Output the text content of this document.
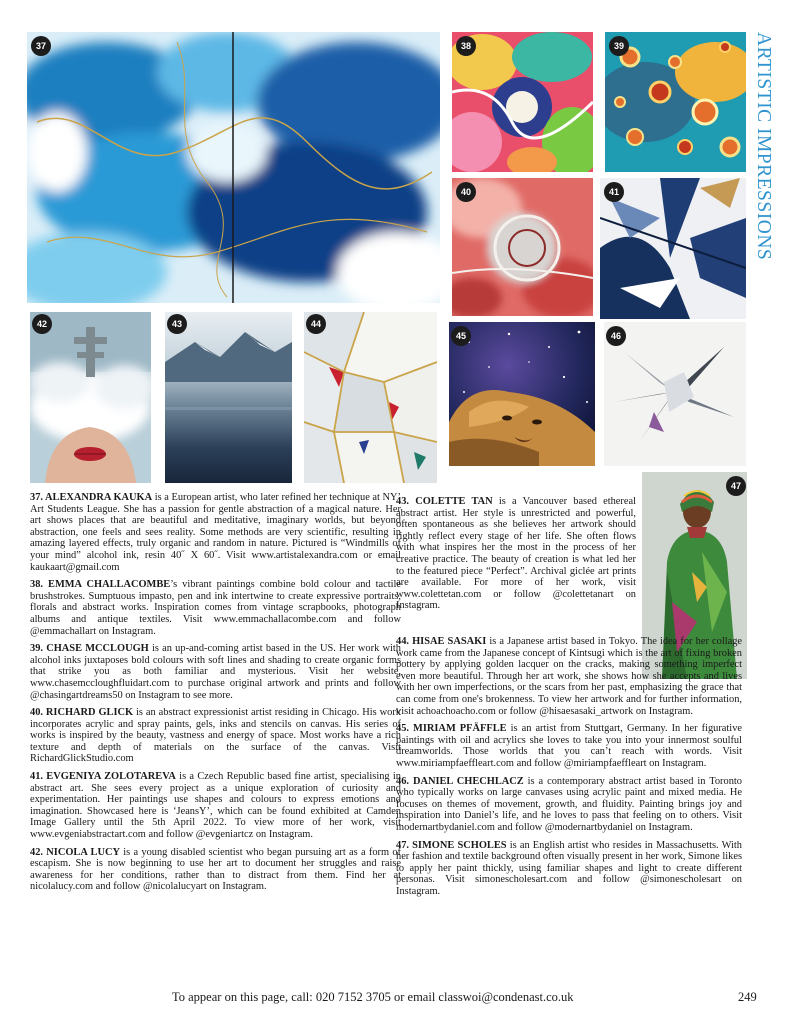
ARTISTIC IMPRESSIONS
37	38	39
40	41
42	43	44
45	46
47

37. ALEXANDRA KAUKA is a European artist, who later refined her technique at NY’ Art Students League. She has a passion for gentle abstraction of a magical nature. Her art shows places that are beautiful and meditative, imaginary worlds, but beyond abstraction, one feels and sees reality. Some methods are very scientific, resulting in amazing layered effects, truly organic and random in nature. Pictured is “Windmills of your mind” alcohol ink, resin 40˝ X 60˝. Visit www.artistalexandra.com or email kaukaart@gmail.com

38. EMMA CHALLACOMBE’s vibrant paintings combine bold colour and tactile brushstrokes. Sumptuous impasto, pen and ink intertwine to create expressive portraits, florals and abstract works. Inspiration comes from vintage scrapbooks, photograph albums and antique textiles. Visit www.emmachallacombe.com and follow @emmachallart on Instagram.

39. CHASE MCCLOUGH is an up-and-coming artist based in the US. Her work with alcohol inks juxtaposes bold colours with soft lines and shading to create organic forms that strike you as both familiar and mysterious. Visit her website, www.chasemccloughfluidart.com to purchase original artwork and prints and follow @chasingartdreams50 on Instagram to see more.

40. RICHARD GLICK is an abstract expressionist artist residing in Chicago. His work incorporates acrylic and spray paints, gels, inks and stencils on canvas. His series of works is inspired by the beauty, vastness and energy of space. Most works have a rich texture and depth of materials on the surface of the canvas. Visit RichardGlickStudio.com

41. EVGENIYA ZOLOTAREVA is a Czech Republic based fine artist, specialising in abstract art. She sees every project as a unique exploration of curiosity and experimentation. Her paintings use shapes and colours to express emotions and imagination. Showcased here is ‘JeansY’, which can be found exhibited at Camden Image Gallery until the 5th April 2022. To view more of her work, visit www.evgeniabstractart.com and follow @evgeniartcz on Instagram.

42. NICOLA LUCY is a young disabled scientist who began pursuing art as a form of escapism. She is now beginning to use her art to document her struggles and raise awareness for her conditions, rather than to distract from them. Find her at nicolalucy.com and follow @nicolalucyart on Instagram.

43. COLETTE TAN is a Vancouver based ethereal abstract artist. Her style is unrestricted and powerful, often spontaneous as she believes her artwork should rightly reflect every stage of her life. She often flows with what inspires her the most in the process of her creative practice. The beauty of creation is what led her to the featured piece “Perfect”. Archival giclée art prints are available. For more of her work, visit www.colettetan.com or follow @colettetanart on Instagram.

44. HISAE SASAKI is a Japanese artist based in Tokyo. The idea for her collage work came from the Japanese concept of Kintsugi which is the art of fixing broken pottery by applying golden lacquer on the cracks, making something imperfect even more beautiful. Through her art work, she shows how she accepts and lives with her own imperfections, or the scars from her past, emphasizing the grace that can come from one's brokenness. To view her artwork and for further information, visit achoachoacho.com or follow @hisaesasaki_artwork on Instagram.

45. MIRIAM PFÄFFLE is an artist from Stuttgart, Germany. In her figurative paintings with oil and acrylics she loves to take you into your innermost soulful dreamworlds. Those worlds that you can’t reach with words. Visit www.miriampfaeffleart.com and follow @miriampfaeffleart on Instagram.

46. DANIEL CHECHLACZ is a contemporary abstract artist based in Toronto who typically works on large canvases using acrylic paint and mixed media. He focuses on themes of movement, growth, and fluidity. Painting brings joy and inspiration into Daniel’s life, and he loves to pass that feeling on to others. Visit modernartbydaniel.com and follow @modernartbydaniel on Instagram.

47. SIMONE SCHOLES is an English artist who resides in Massachusetts. With her fashion and textile background often visually present in her work, Simone likes to apply her paint thickly, using familiar shapes and light to create different personas. Visit simonescholesart.com and follow @simonescholesart on Instagram.

To appear on this page, call: 020 7152 3705 or email classwoi@condenast.co.uk	249
